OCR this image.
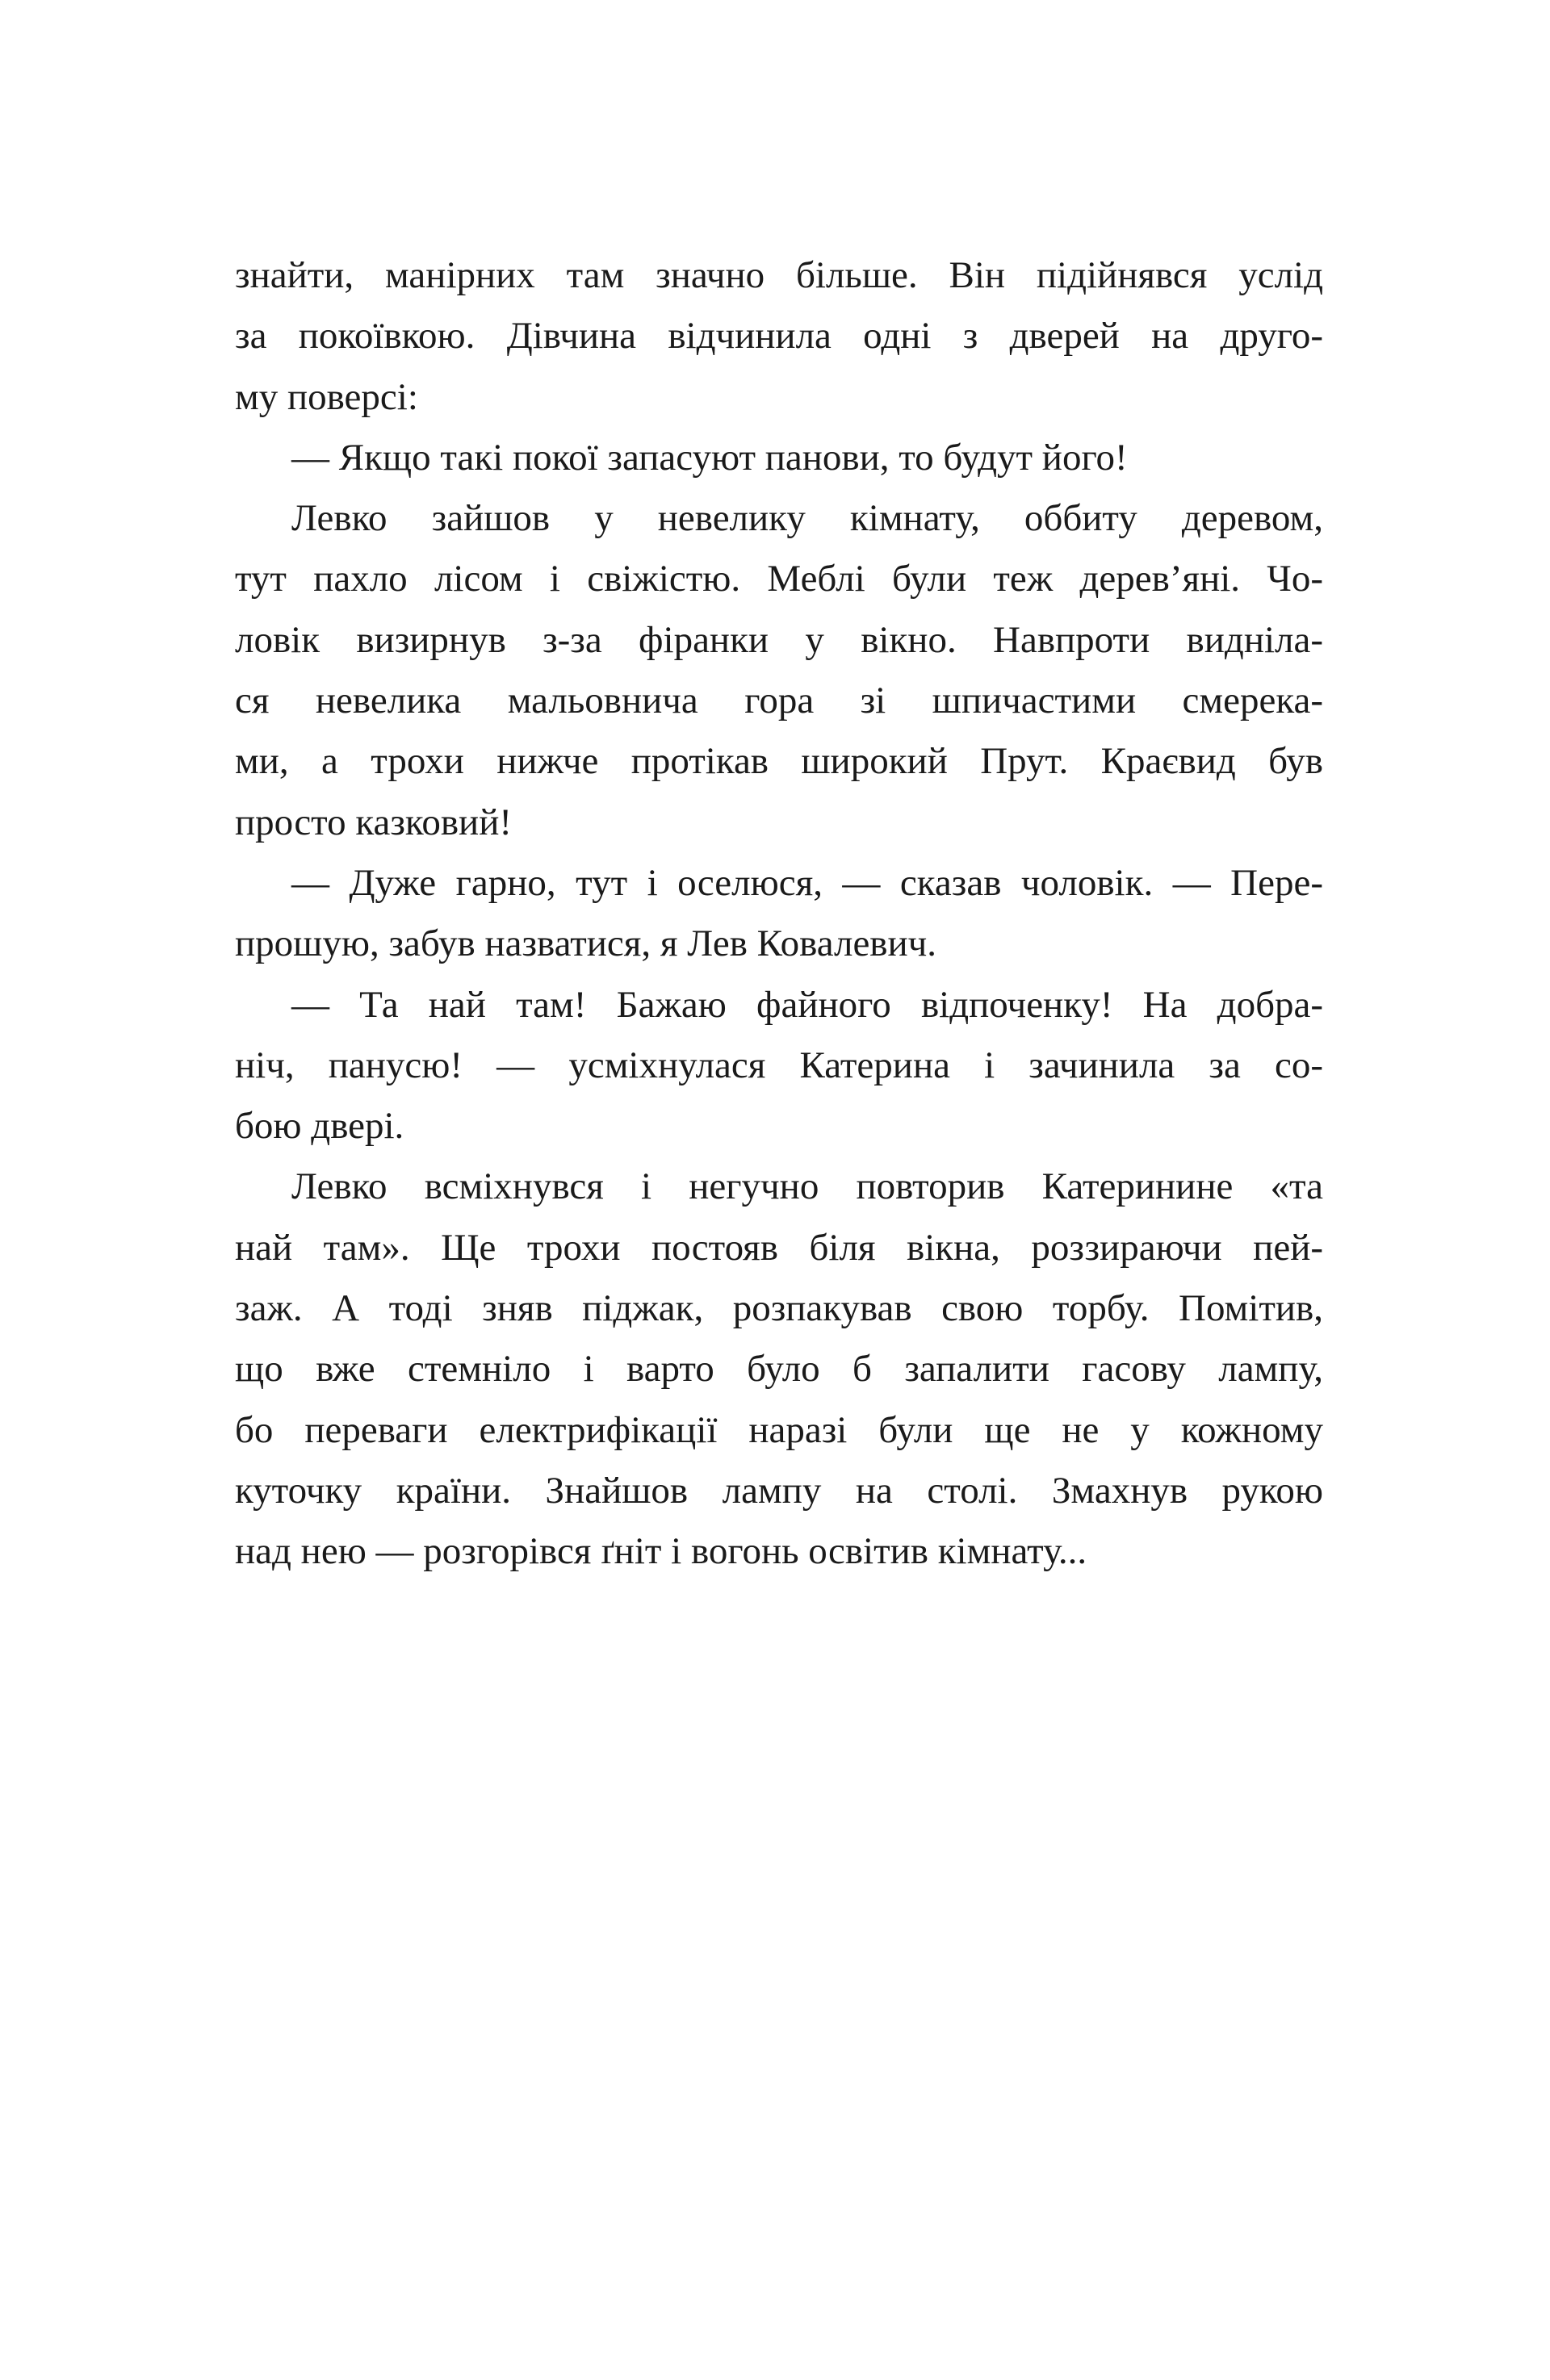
знайти, манірних там значно більше. Він підійнявся услід
за покоївкою. Дівчина відчинила одні з дверей на друго-
му поверсі:
— Якщо такі покої запасуют панови, то будут його!
Левко зайшов у невелику кімнату, оббиту деревом,
тут пахло лісом і свіжістю. Меблі були теж дерев’яні. Чо-
ловік визирнув з-за фіранки у вікно. Навпроти видніла-
ся невелика мальовнича гора зі шпичастими смерека-
ми, а трохи нижче протікав широкий Прут. Краєвид був
просто казковий!
— Дуже гарно, тут і оселюся, — сказав чоловік. — Пере-
прошую, забув назватися, я Лев Ковалевич.
— Та най там! Бажаю файного відпоченку! На добра-
ніч, панусю! — усміхнулася Катерина і зачинила за со-
бою двері.
Левко всміхнувся і негучно повторив Катеринине «та
най там». Ще трохи постояв біля вікна, роззираючи пей-
заж. А тоді зняв піджак, розпакував свою торбу. Помітив,
що вже стемніло і варто було б запалити гасову лампу,
бо переваги електрифікації наразі були ще не у кожному
куточку країни. Знайшов лампу на столі. Змахнув рукою
над нею — розгорівся ґніт і вогонь освітив кімнату...
